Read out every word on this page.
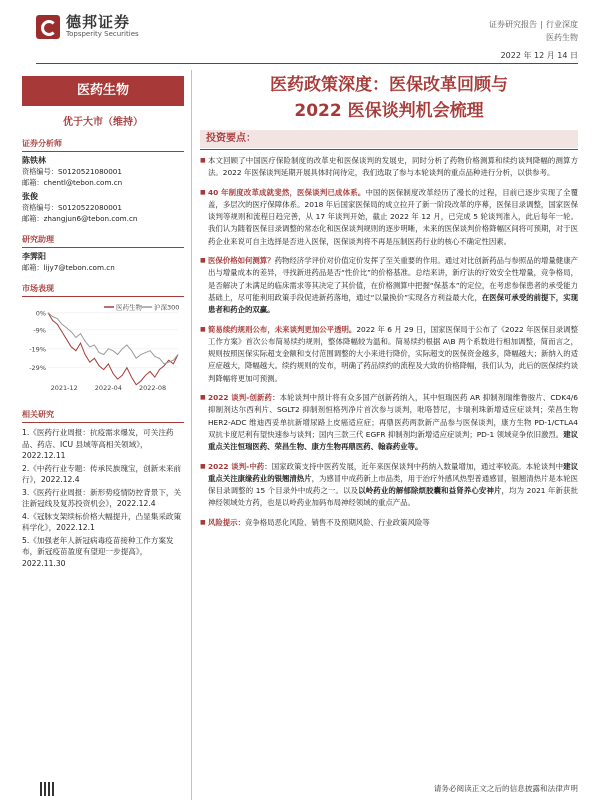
德邦证券
Topsperity Securities
证券研究报告 行业深度
医药生物
2022 年 12 月 14 日
医药生物
优于大市（维持）
证券分析师
陈铁林
资格编号：S0120521080001
邮箱：chentl@tebon.com.cn
张俊
资格编号：S0120522080001
邮箱：zhangjun6@tebon.com.cn
研究助理
李霁阳
邮箱：lijy7@tebon.com.cn
市场表现
0%
-9%
-19%
-29%
2021-12	2022-04	2022-08
医药生物 沪深300
相关研究
1.《医药行业周报：抗疫需求爆发，可关注药品、药店、ICU 县域等高相关领域》，2022.12.11
2.《中药行业专题：传承民族瑰宝，创新未来前行》，2022.12.4
3.《医药行业周报：新形势疫情防控背景下，关注新冠线及复苏投资机会》，2022.12.4
4.《冠脉支架续标价格大幅提升，凸显集采政策科学化》，2022.12.1
5.《加强老年人新冠病毒疫苗接种工作方案发布，新冠疫苗盈度有望迎一步提高》，2022.11.30
医药政策深度：医保改革回顾与
2022 医保谈判机会梳理
投资要点：
■ 本文回顾了中国医疗保险制度的改革史和医保谈判的发展史，同时分析了药物价格测算和续约谈判降幅的测算方法。2022 年医保谈判延期开展具体时间待定，我们选取了参与本轮谈判的重点品种进行分析，以供参考。
■ 40 年制度改革成就斐然，医保谈判已成体系。中国的医保制度改革经历了漫长的过程，目前已逐步实现了全覆盖，多层次的医疗保障体系。2018 年后国家医保局的成立拉开了新一阶段改革的序幕，医保目录调整，国家医保谈判等规则和流程日趋完善，从 17 年谈判开始，截止 2022 年 12 月，已完成 5 轮谈判准入，此后每年一轮。我们认为随着医保目录调整的常态化和医保谈判规则的逐步明晰，未来的医保谈判价格降幅区间将可预期，对于医药企业来说可自主选择是否进入医保，医保谈判将不再是压制医药行业的核心不确定性因素。
■ 医保价格如何测算？药物经济学评价对价值定价发挥了至关重要的作用。通过对比创新药品与参照品的增量健康产出与增量成本的差异，寻找新进药品是否“性价比”的价格基准。总结来讲，新疗法的疗效安全性增量，竞争格局，是否解决了未满足的临床需求等其决定了其价值，在价格测算中把握“保基本”的定位，在考虑参保患者的承受能力基础上，尽可能利用政策手段促进新药落地，通过“以量换价”实现各方利益最大化，在医保可承受的前提下，实现患者和药企的双赢。
■ 简易续约规则公布，未来谈判更加公平透明。2022 年 6 月 29 日，国家医保局于公布了《2022 年医保目录调整工作方案》首次公布简易续约规则，整体降幅较为温和。简易续约根据 A\B 两个系数进行相加调整，简而言之，规则按照医保实际超支金额和支付范围调整的大小来进行降价，实际超支的医保资金越多，降幅越大；新纳入的适应症越大，降幅越大。续约规则的发布，明确了药品续约的流程及大致的价格降幅，我们认为，此后的医保续约谈判降幅将更加可预测。
■ 2022 谈判-创新药：本轮谈判中预计将有众多国产创新药纳入，其中恒瑞医药 AR 抑制剂瑞维鲁胺片、CDK4/6 抑制剂达尔西利片、SGLT2 抑制剂恒格列净片首次参与谈判，吡咯替尼，卡瑞利珠新增适应症谈判；荣昌生物 HER2-ADC 维迪西妥单抗新增尿路上皮癌适应症；再鼎医药两款新产品参与医保谈判，康方生物 PD-1/CTLA4 双抗卡度尼利有望快速参与谈判；国内三款三代 EGFR 抑制剂均新增适应症谈判；PD-1 领域竞争依旧激烈。建议重点关注恒瑞医药、荣昌生物、康方生物再鼎医药、翰森药业等。
■ 2022 谈判-中药：国家政策支持中医药发展，近年来医保谈判中药纳入数量增加，通过率较高。本轮谈判中建议重点关注康缘药业的银翘清热片，为感冒中成药新上市品类，用于治疗外感风热型普通感冒，银翘清热片是本轮医保目录调整的 15 个目录外中成药之一。以及以岭药业的解郁除烦胶囊和益肾养心安神片，均为 2021 年新获批神经领域处方药，也是以岭药业加码布局神经领域的重点产品。
■ 风险提示：竞争格局恶化风险、销售不及预期风险、行业政策风险等
请务必阅读正文之后的信息披露和法律声明
